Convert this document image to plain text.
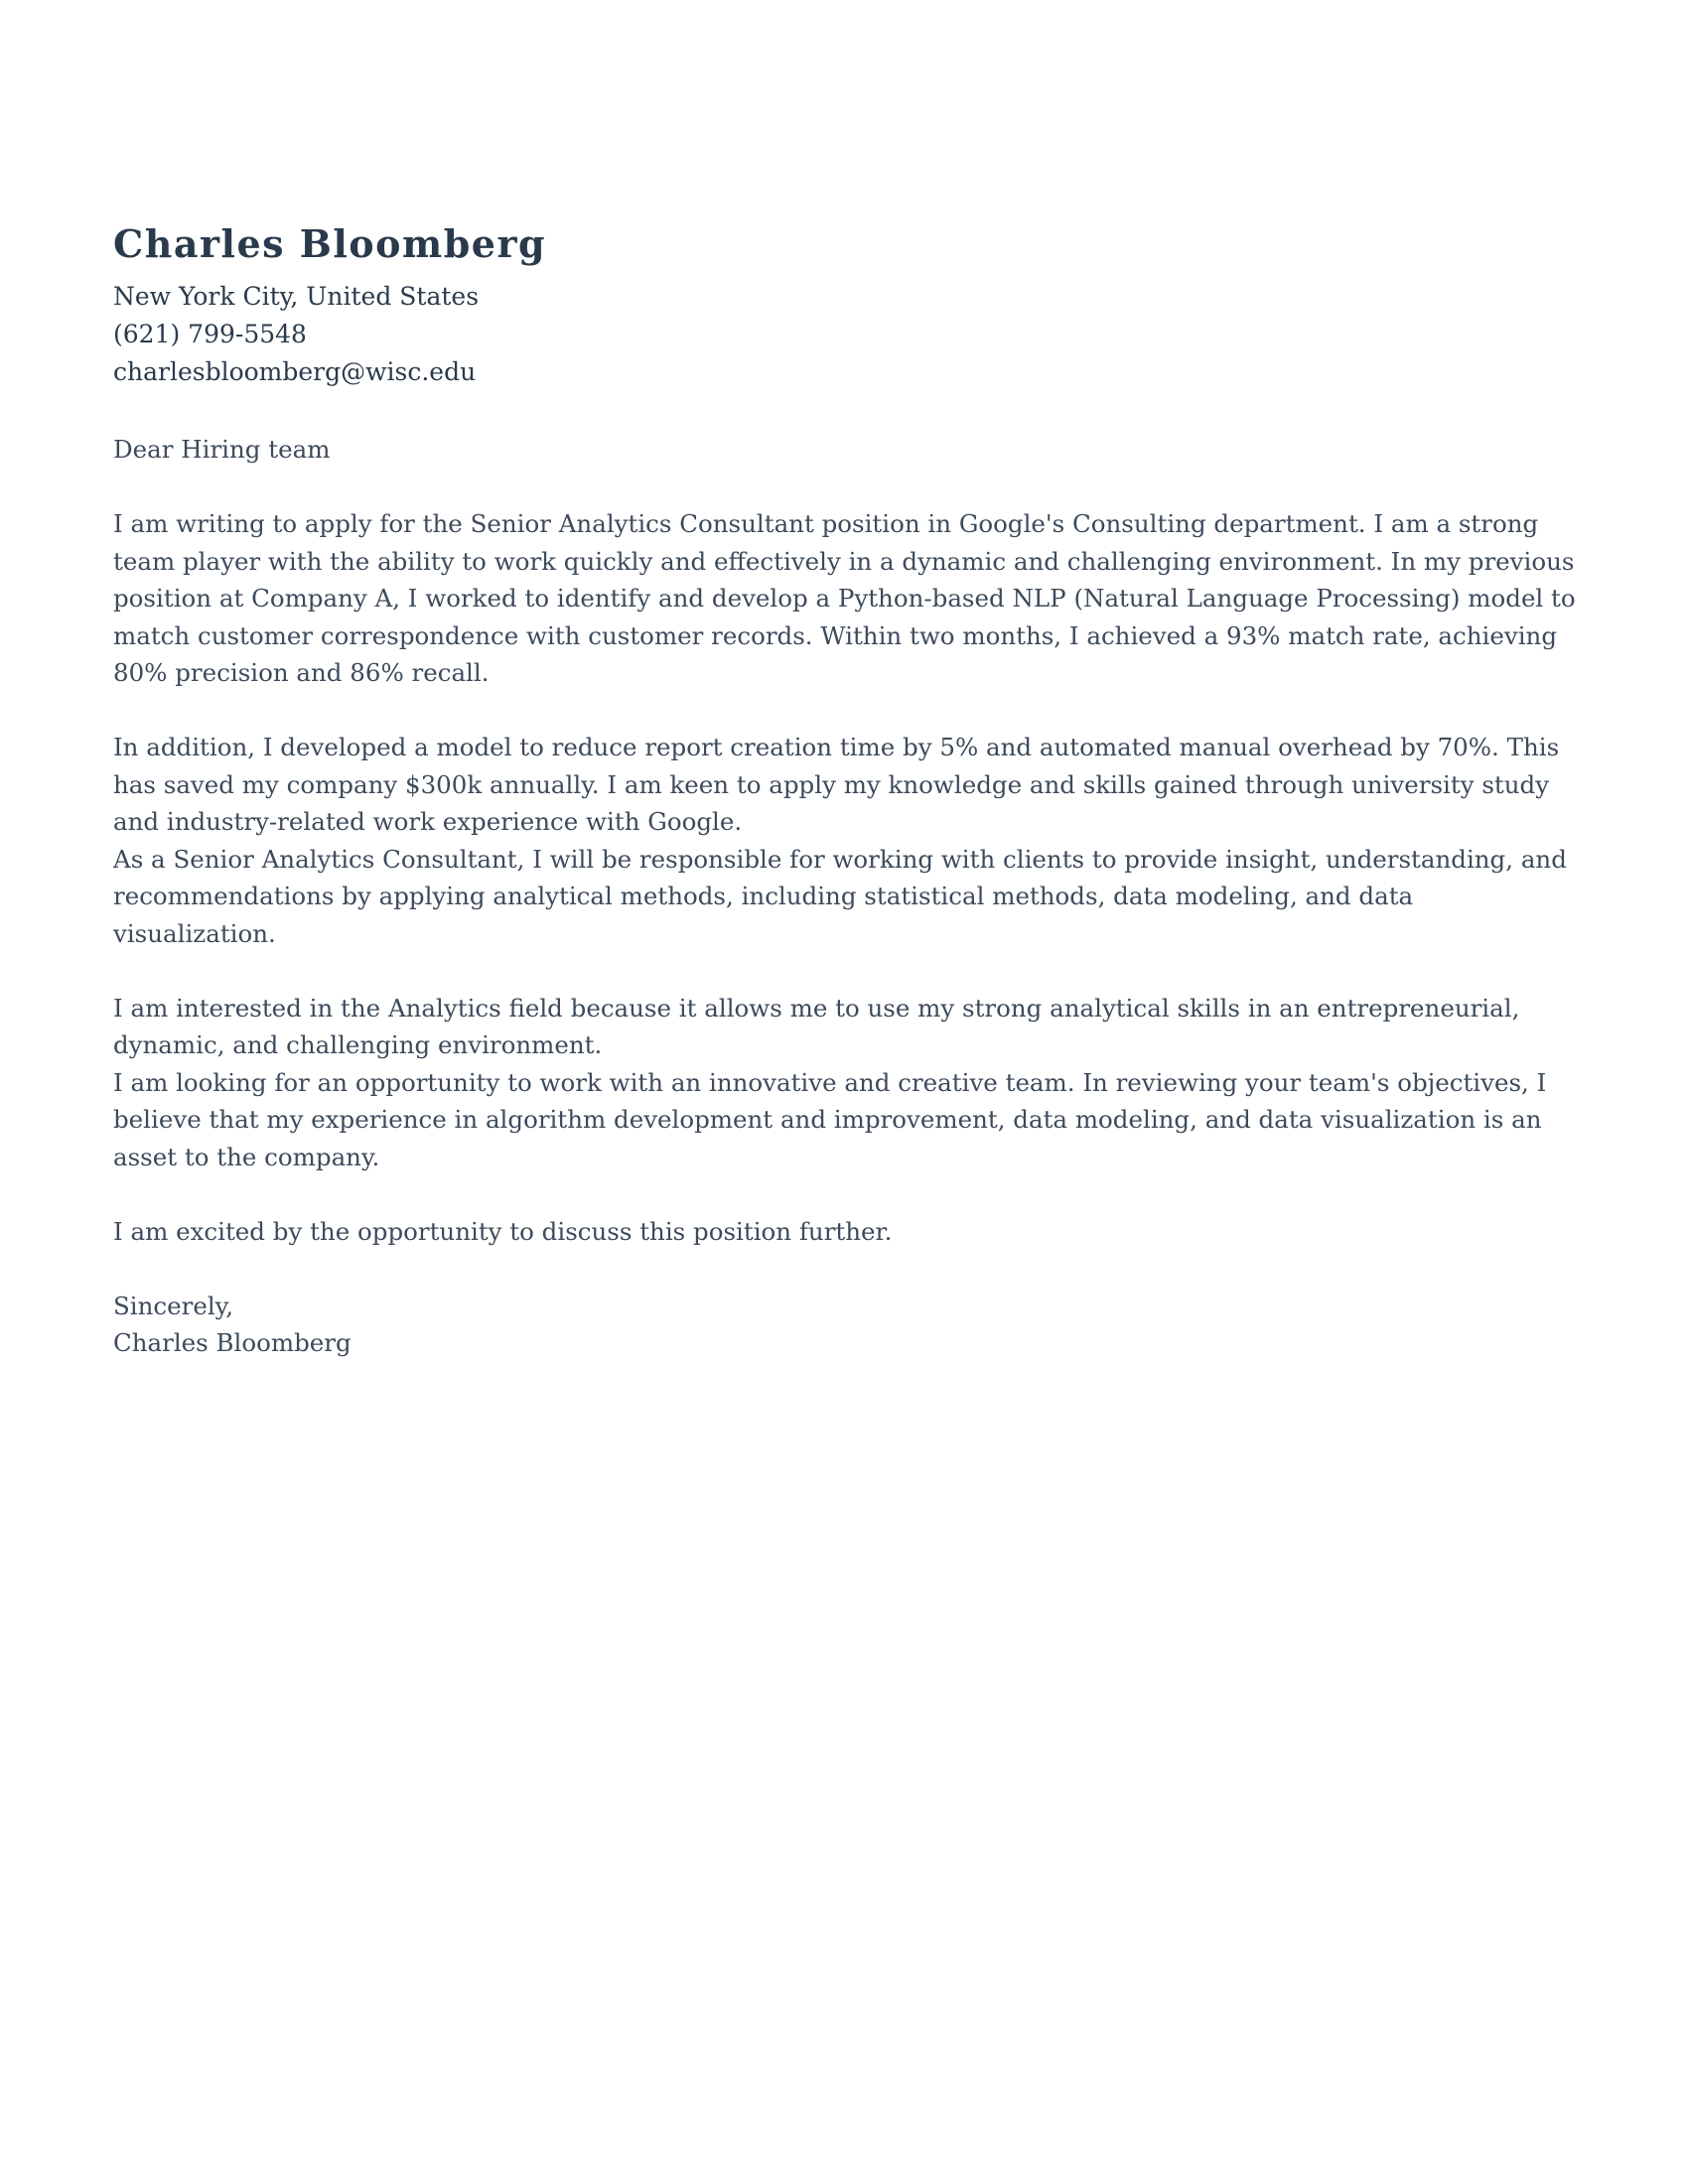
Charles Bloomberg
New York City, United States
(621) 799-5548
charlesbloomberg@wisc.edu
Dear Hiring team

I am writing to apply for the Senior Analytics Consultant position in Google's Consulting department. I am a strong team player with the ability to work quickly and effectively in a dynamic and challenging environment. In my previous position at Company A, I worked to identify and develop a Python-based NLP (Natural Language Processing) model to match customer correspondence with customer records. Within two months, I achieved a 93% match rate, achieving 80% precision and 86% recall.

In addition, I developed a model to reduce report creation time by 5% and automated manual overhead by 70%. This has saved my company $300k annually. I am keen to apply my knowledge and skills gained through university study and industry-related work experience with Google.

As a Senior Analytics Consultant, I will be responsible for working with clients to provide insight, understanding, and recommendations by applying analytical methods, including statistical methods, data modeling, and data visualization.

I am interested in the Analytics field because it allows me to use my strong analytical skills in an entrepreneurial, dynamic, and challenging environment.

I am looking for an opportunity to work with an innovative and creative team. In reviewing your team's objectives, I believe that my experience in algorithm development and improvement, data modeling, and data visualization is an asset to the company.

I am excited by the opportunity to discuss this position further.

Sincerely,
Charles Bloomberg
